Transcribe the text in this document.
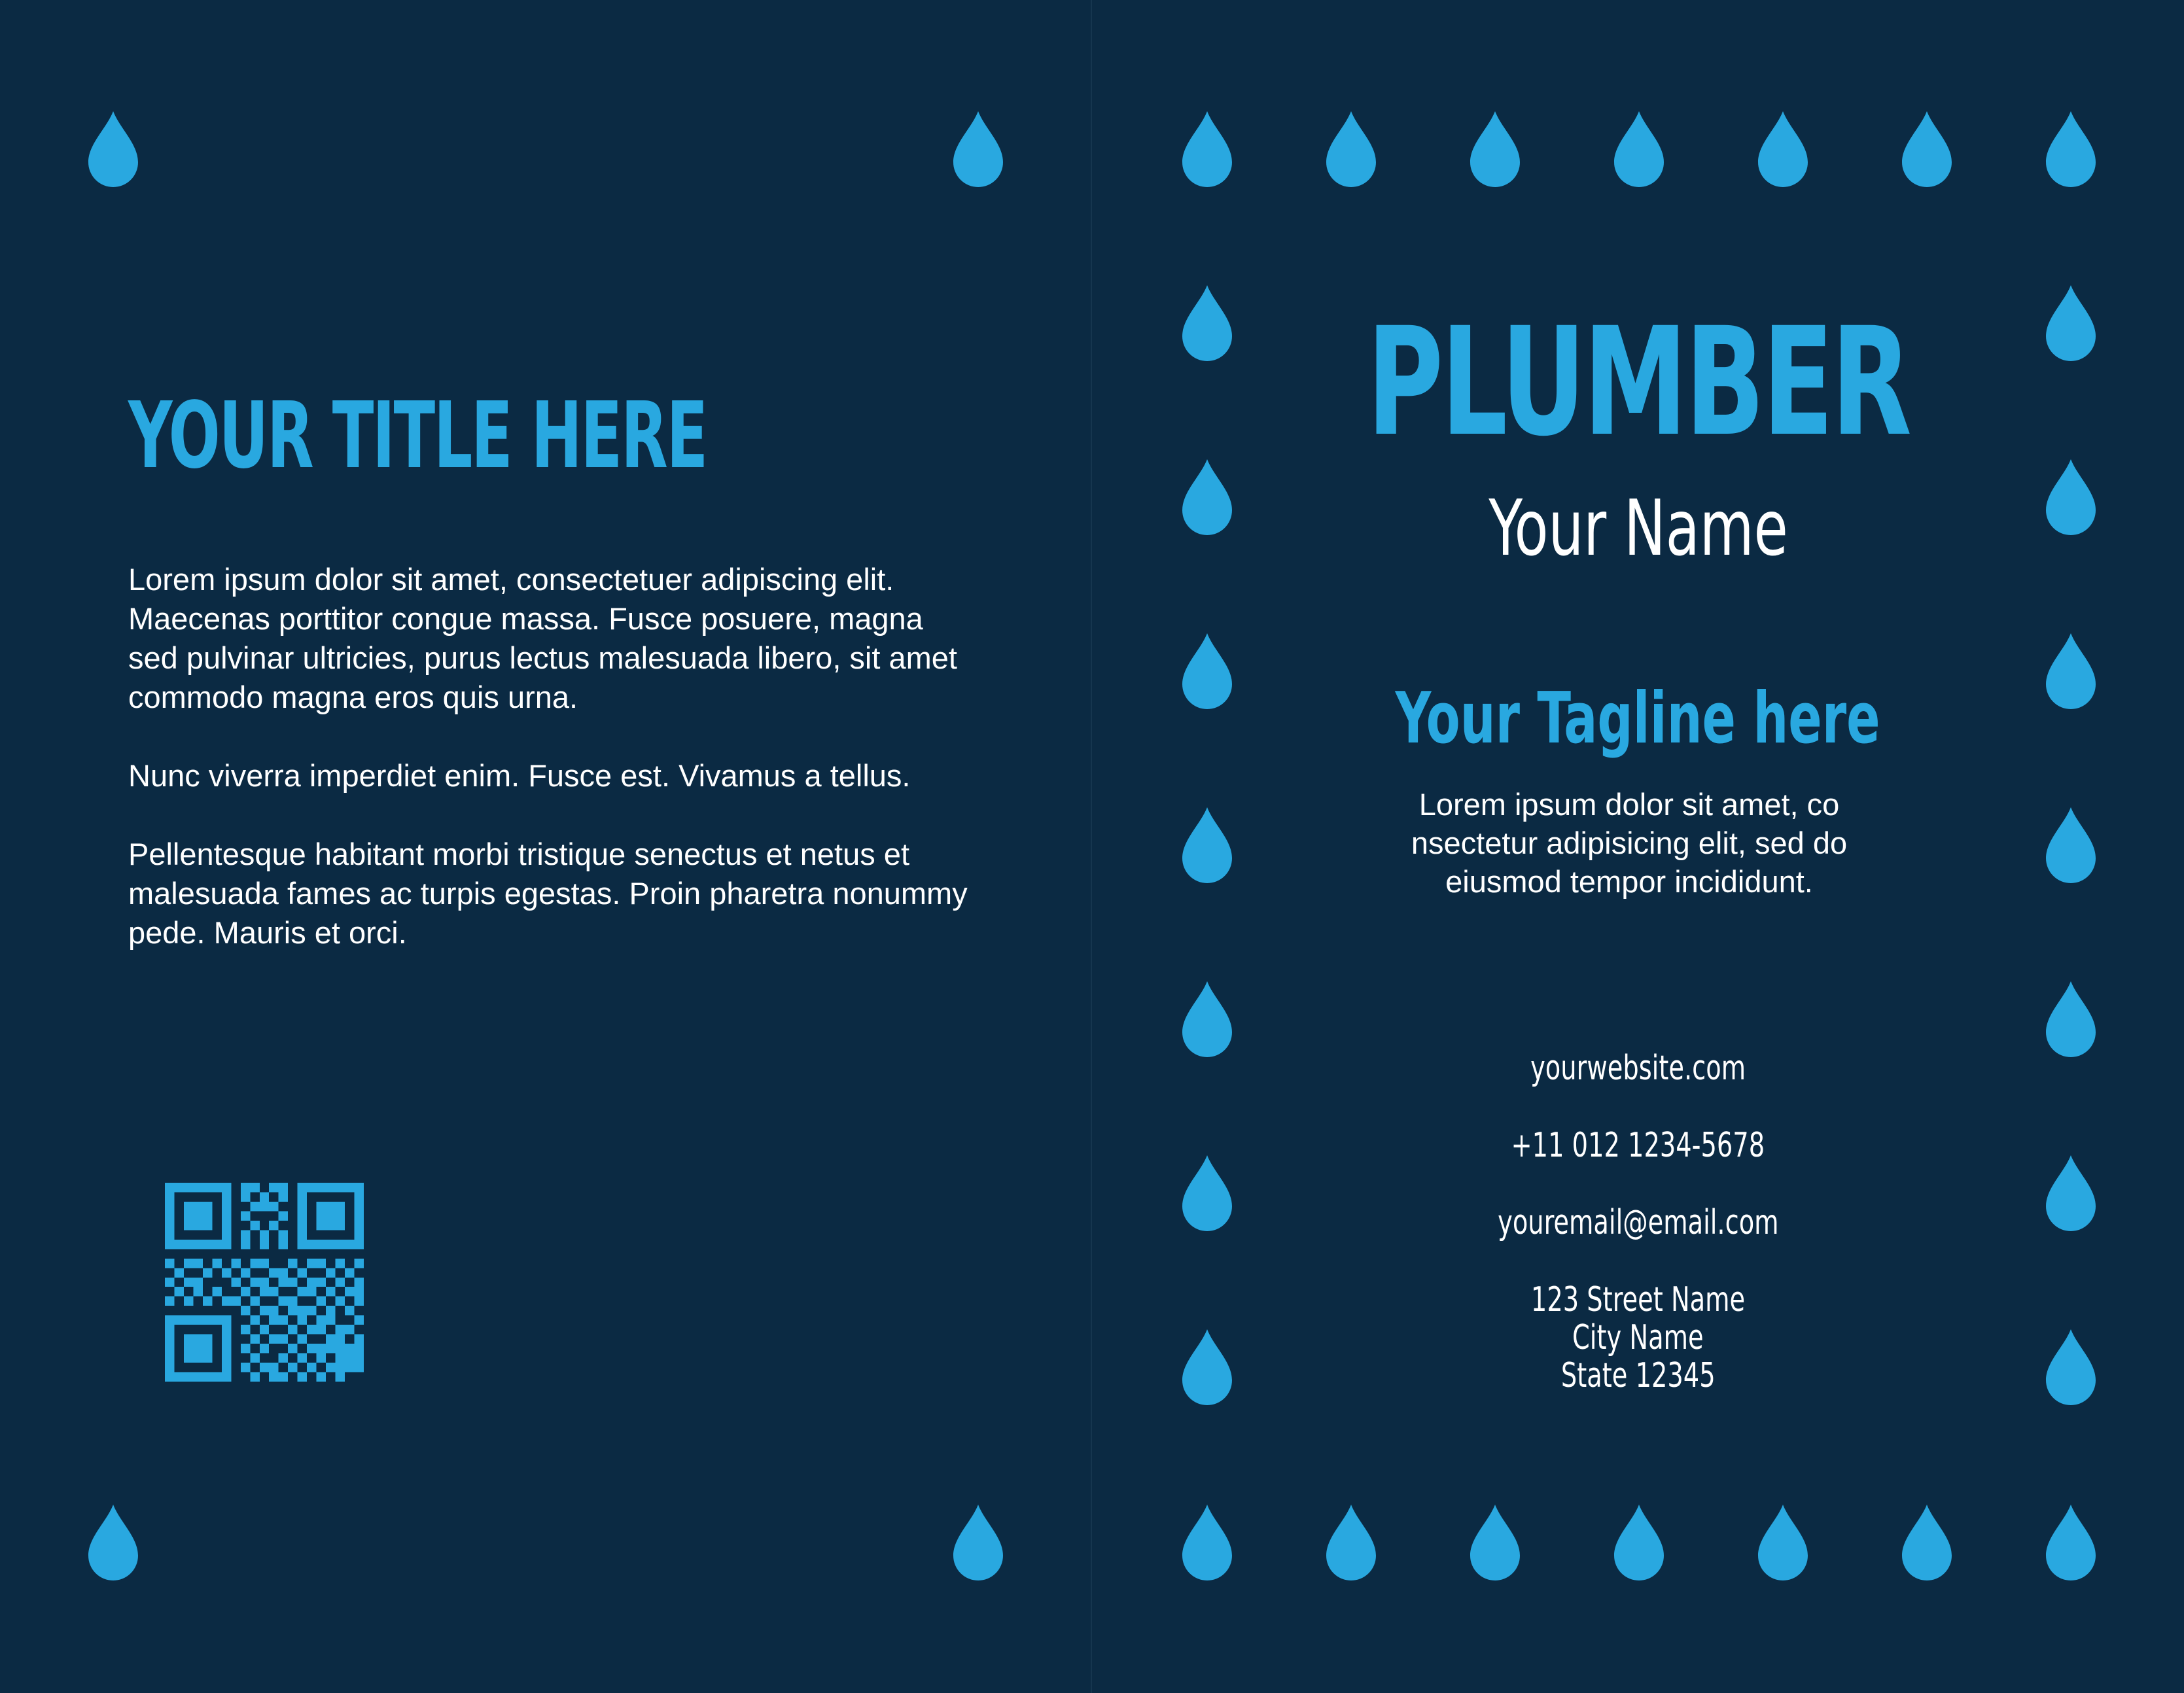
YOUR TITLE HERE

Lorem ipsum dolor sit amet, consectetuer adipiscing elit. Maecenas porttitor congue massa. Fusce posuere, magna sed pulvinar ultricies, purus lectus malesuada libero, sit amet commodo magna eros quis urna.

Nunc viverra imperdiet enim. Fusce est. Vivamus a tellus.

Pellentesque habitant morbi tristique senectus et netus et malesuada fames ac turpis egestas. Proin pharetra nonummy pede. Mauris et orci.

PLUMBER
Your Name
Your Tagline here

Lorem ipsum dolor sit amet, co nsectetur adipisicing elit, sed do eiusmod tempor incididunt.

yourwebsite.com
+11 012 1234-5678
youremail@email.com
123 Street Name
City Name
State 12345
